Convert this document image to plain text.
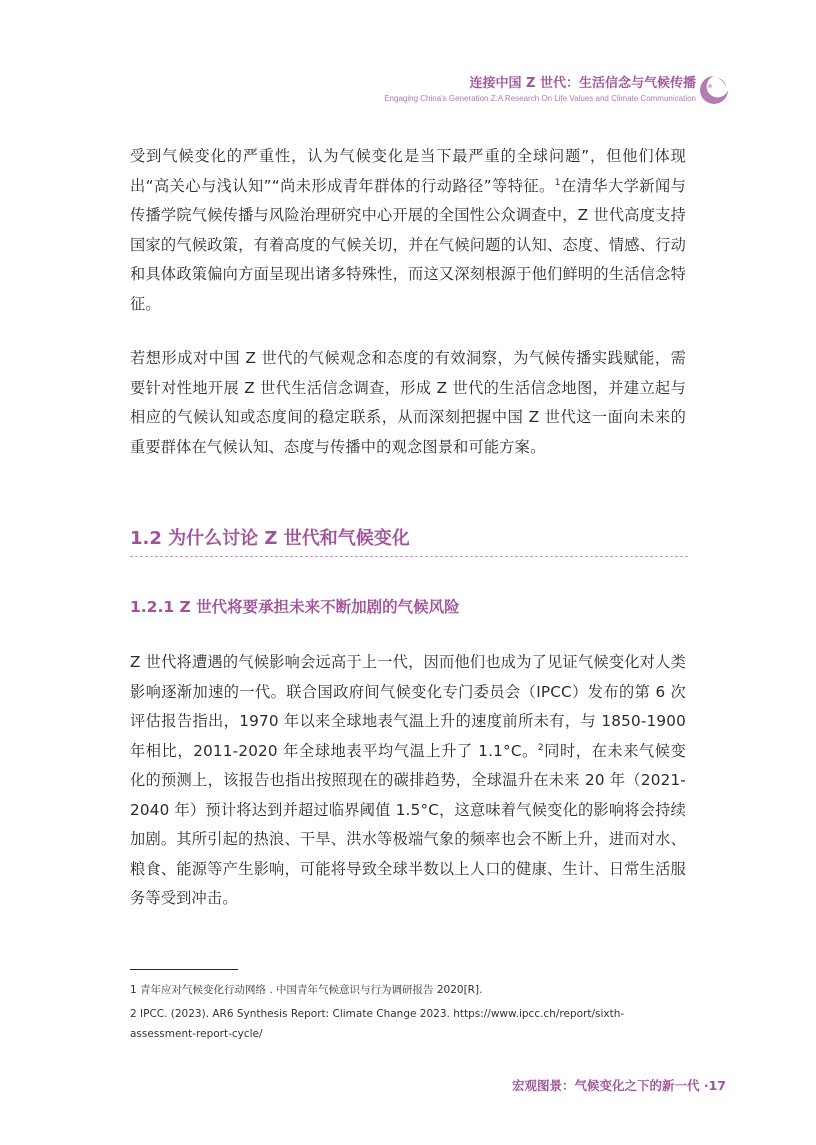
连接中国 Z 世代：生活信念与气候传播
Engaging China's Generation Z:A Research On Life Values and Climate Communication

受到气候变化的严重性，认为气候变化是当下最严重的全球问题”，但他们体现出“高关心与浅认知”“尚未形成青年群体的行动路径”等特征。$^1$在清华大学新闻与传播学院气候传播与风险治理研究中心开展的全国性公众调查中，Z 世代高度支持国家的气候政策，有着高度的气候关切，并在气候问题的认知、态度、情感、行动和具体政策偏向方面呈现出诸多特殊性，而这又深刻根源于他们鲜明的生活信念特征。

若想形成对中国 Z 世代的气候观念和态度的有效洞察，为气候传播实践赋能，需要针对性地开展 Z 世代生活信念调查，形成 Z 世代的生活信念地图，并建立起与相应的气候认知或态度间的稳定联系，从而深刻把握中国 Z 世代这一面向未来的重要群体在气候认知、态度与传播中的观念图景和可能方案。

1.2 为什么讨论 Z 世代和气候变化
1.2.1 Z 世代将要承担未来不断加剧的气候风险

Z 世代将遭遇的气候影响会远高于上一代，因而他们也成为了见证气候变化对人类影响逐渐加速的一代。联合国政府间气候变化专门委员会（IPCC）发布的第 6 次评估报告指出，1970 年以来全球地表气温上升的速度前所未有，与 1850-1900 年相比，2011-2020 年全球地表平均气温上升了 1.1°C。$^2$同时，在未来气候变化的预测上，该报告也指出按照现在的碳排趋势，全球温升在未来 20 年（2021-2040 年）预计将达到并超过临界阈值 1.5°C，这意味着气候变化的影响将会持续加剧。其所引起的热浪、干旱、洪水等极端气象的频率也会不断上升，进而对水、粮食、能源等产生影响，可能将导致全球半数以上人口的健康、生计、日常生活服务等受到冲击。

1 青年应对气候变化行动网络 . 中国青年气候意识与行为调研报告 2020[R].

2 IPCC. (2023). AR6 Synthesis Report: Climate Change 2023. https://www.ipcc.ch/report/sixth-assessment-report-cycle/

宏观图景：气候变化之下的新一代 ·17
